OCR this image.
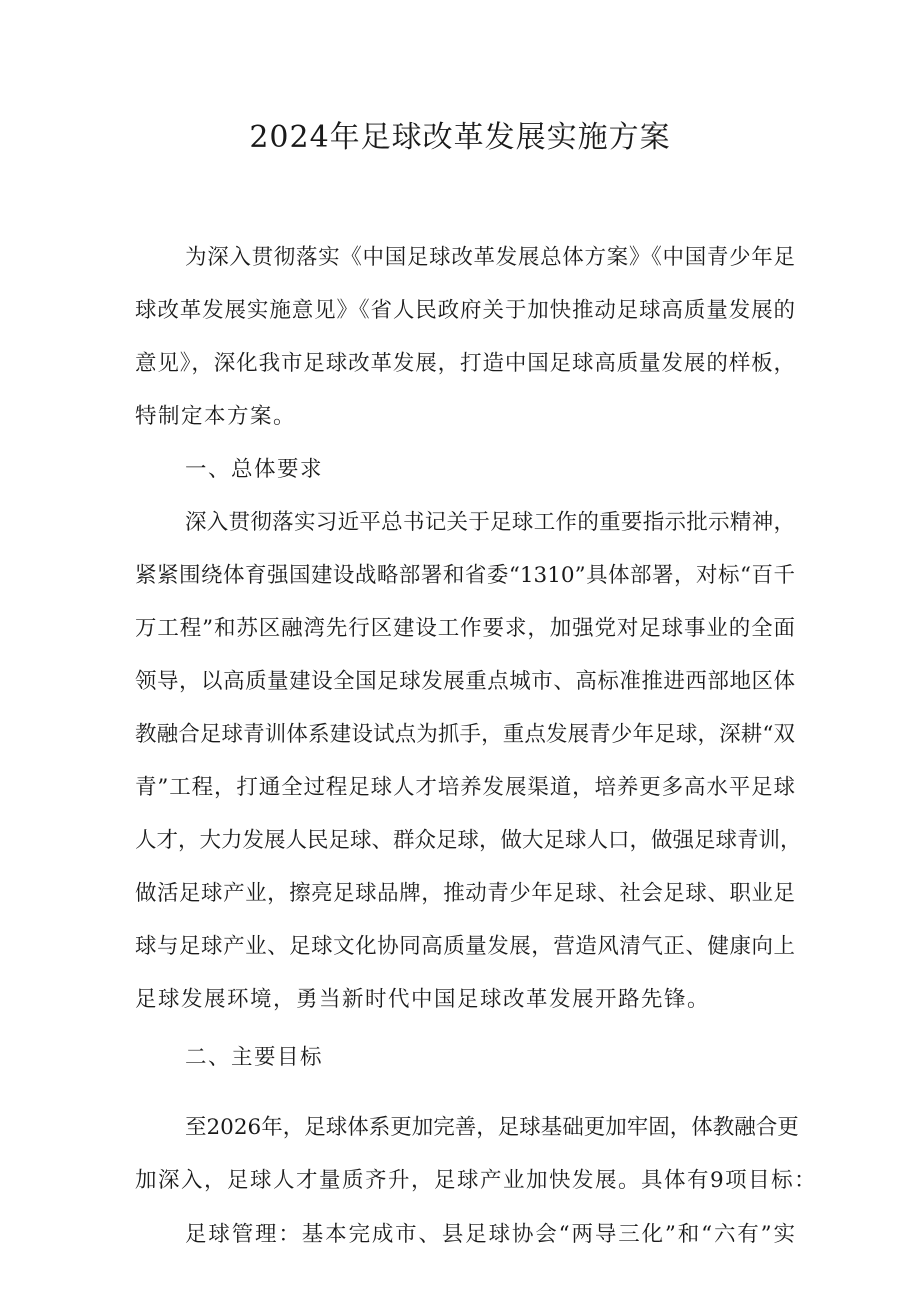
2024年足球改革发展实施方案
为深入贯彻落实《中国足球改革发展总体方案》《中国青少年足
球改革发展实施意见》《省人民政府关于加快推动足球高质量发展的
意见》，深化我市足球改革发展，打造中国足球高质量发展的样板，
特制定本方案。
一、总体要求
深入贯彻落实习近平总书记关于足球工作的重要指示批示精神，
紧紧围绕体育强国建设战略部署和省委“1310”具体部署，对标“百千
万工程”和苏区融湾先行区建设工作要求，加强党对足球事业的全面
领导，以高质量建设全国足球发展重点城市、高标准推进西部地区体
教融合足球青训体系建设试点为抓手，重点发展青少年足球，深耕“双
青”工程，打通全过程足球人才培养发展渠道，培养更多高水平足球
人才，大力发展人民足球、群众足球，做大足球人口，做强足球青训，
做活足球产业，擦亮足球品牌，推动青少年足球、社会足球、职业足
球与足球产业、足球文化协同高质量发展，营造风清气正、健康向上
足球发展环境，勇当新时代中国足球改革发展开路先锋。
二、主要目标
至2026年，足球体系更加完善，足球基础更加牢固，体教融合更
加深入，足球人才量质齐升，足球产业加快发展。具体有9项目标：
足球管理：基本完成市、县足球协会“两导三化”和“六有”实
